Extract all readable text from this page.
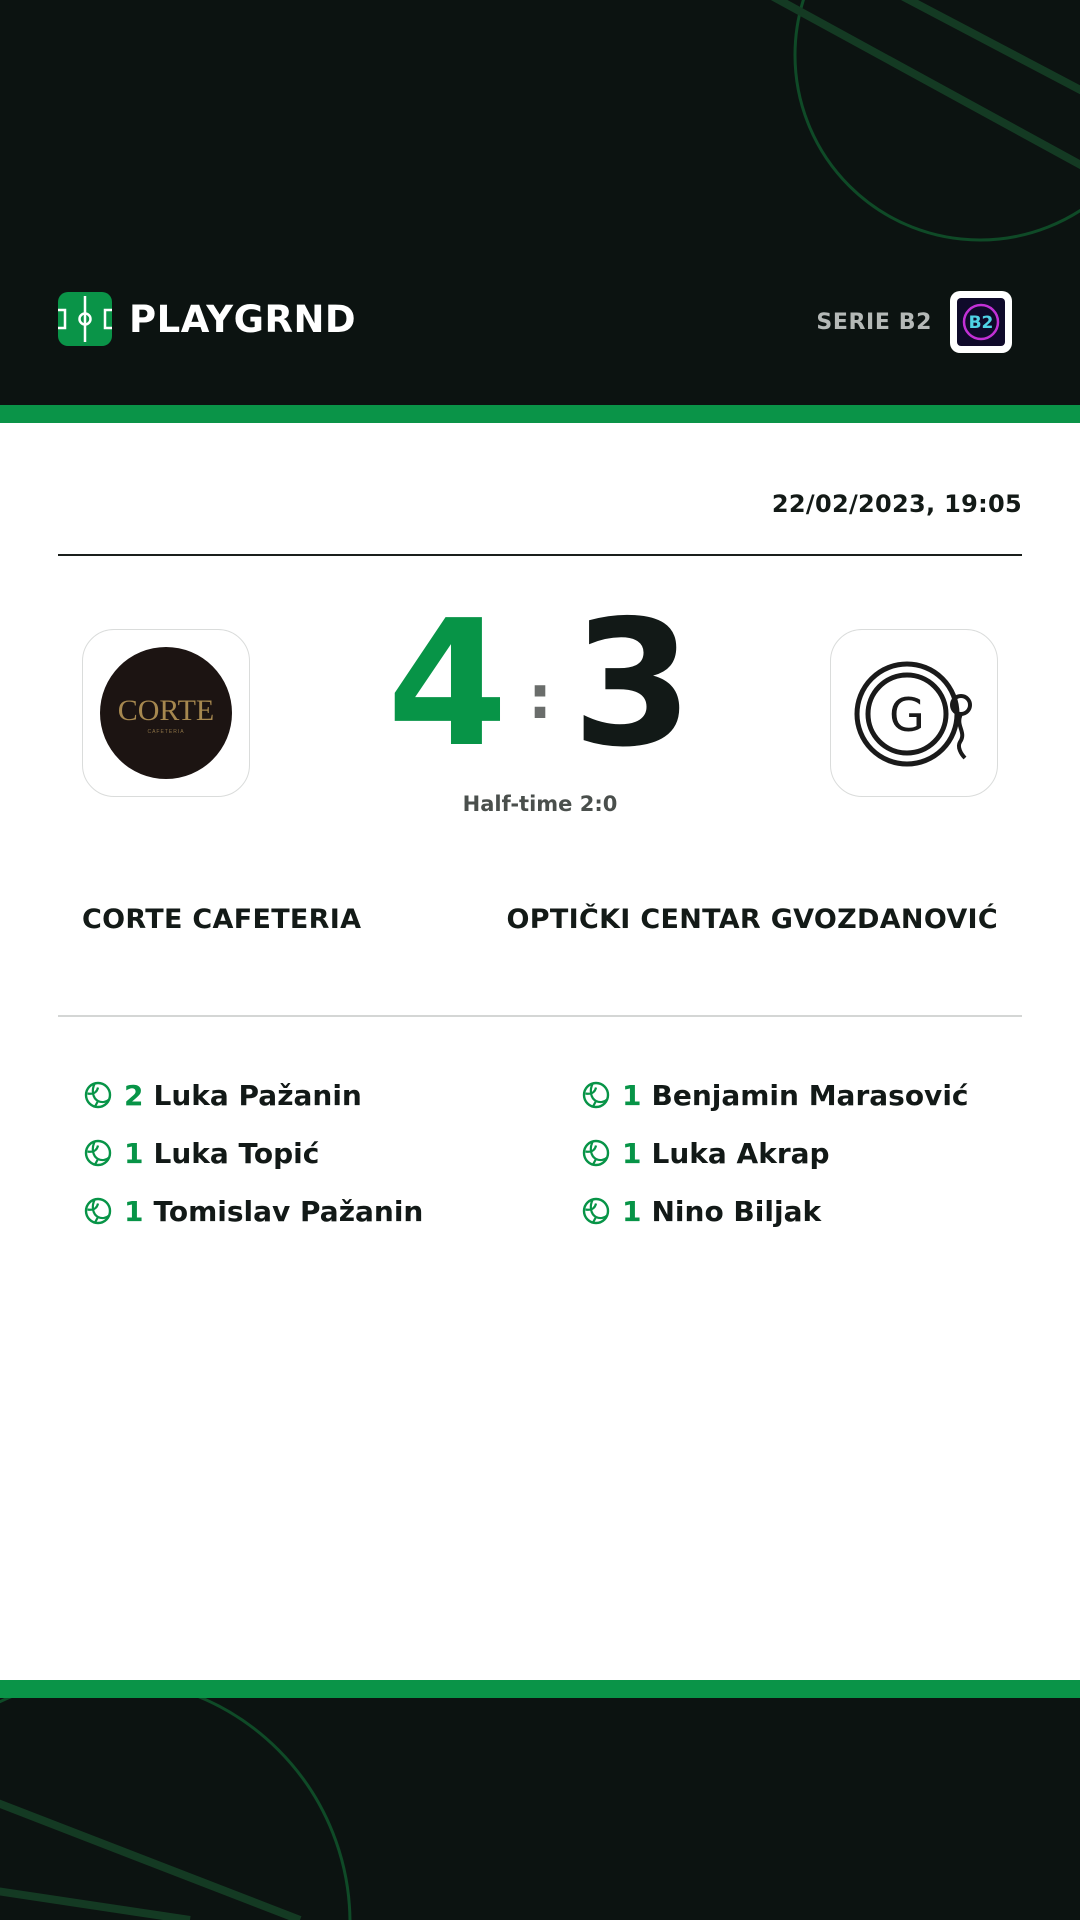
PLAYGRND	SERIE B2 B2
22/02/2023, 19:05
CORTE
CAFETERIA	4 : 3
Half-time 2:0
G
CORTE CAFETERIA	OPTIČKI CENTAR GVOZDANOVIĆ
2 Luka Pažanin
1 Luka Topić
1 Tomislav Pažanin
1 Benjamin Marasović
1 Luka Akrap
1 Nino Biljak
